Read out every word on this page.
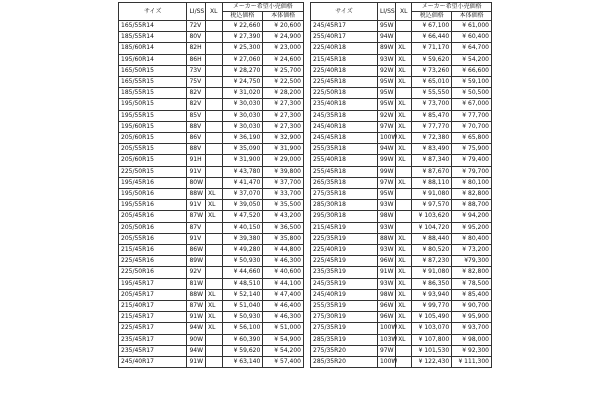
サイズ	LI/SS	XL	メーカー希望小売価格	
			税込価格	本体価格
165/55R14	72V		¥ 22,660	¥ 20,600
185/55R14	80V		¥ 27,390	¥ 24,900
185/60R14	82H		¥ 25,300	¥ 23,000
195/60R14	86H		¥ 27,060	¥ 24,600
165/50R15	73V		¥ 28,270	¥ 25,700
165/55R15	75V		¥ 24,750	¥ 22,500
185/55R15	82V		¥ 31,020	¥ 28,200
195/50R15	82V		¥ 30,030	¥ 27,300
195/55R15	85V		¥ 30,030	¥ 27,300
195/60R15	88V		¥ 30,030	¥ 27,300
205/60R15	86V		¥ 36,190	¥ 32,900
205/55R15	88V		¥ 35,090	¥ 31,900
205/60R15	91H		¥ 31,900	¥ 29,000
225/50R15	91V		¥ 43,780	¥ 39,800
195/45R16	80W		¥ 41,470	¥ 37,700
195/50R16	88W	XL	¥ 37,070	¥ 33,700
195/55R16	91V	XL	¥ 39,050	¥ 35,500
205/45R16	87W	XL	¥ 47,520	¥ 43,200
205/50R16	87V		¥ 40,150	¥ 36,500
205/55R16	91V		¥ 39,380	¥ 35,800
215/45R16	86W		¥ 49,280	¥ 44,800
225/45R16	89W		¥ 50,930	¥ 46,300
225/50R16	92V		¥ 44,660	¥ 40,600
195/45R17	81W		¥ 48,510	¥ 44,100
205/45R17	88W	XL	¥ 52,140	¥ 47,400
215/40R17	87W	XL	¥ 51,040	¥ 46,400
215/45R17	91W	XL	¥ 50,930	¥ 46,300
225/45R17	94W	XL	¥ 56,100	¥ 51,000
235/45R17	90W		¥ 60,390	¥ 54,900
235/45R17	94W		¥ 59,620	¥ 54,200
245/40R17	91W		¥ 63,140	¥ 57,400
サイズ	LI/SS	XL	メーカー希望小売価格	
			税込価格	本体価格
245/45R17	95W		¥ 67,100	¥ 61,000
255/40R17	94W		¥ 66,440	¥ 60,400
225/40R18	89W	XL	¥ 71,170	¥ 64,700
215/45R18	93W	XL	¥ 59,620	¥ 54,200
225/40R18	92W	XL	¥ 73,260	¥ 66,600
225/45R18	95W	XL	¥ 65,010	¥ 59,100
225/50R18	95W		¥ 55,550	¥ 50,500
235/40R18	95W	XL	¥ 73,700	¥ 67,000
245/35R18	92W	XL	¥ 85,470	¥ 77,700
245/40R18	97W	XL	¥ 77,770	¥ 70,700
245/45R18	100W	XL	¥ 72,380	¥ 65,800
255/35R18	94W	XL	¥ 83,490	¥ 75,900
255/40R18	99W	XL	¥ 87,340	¥ 79,400
255/45R18	99W		¥ 87,670	¥ 79,700
265/35R18	97W	XL	¥ 88,110	¥ 80,100
275/35R18	95W		¥ 91,080	¥ 82,800
285/30R18	93W		¥ 97,570	¥ 88,700
295/30R18	98W		¥ 103,620	¥ 94,200
215/45R19	93W		¥ 104,720	¥ 95,200
225/35R19	88W	XL	¥ 88,440	¥ 80,400
225/40R19	93W	XL	¥ 80,520	¥ 73,200
225/45R19	96W	XL	¥ 87,230	¥79,300
235/35R19	91W	XL	¥ 91,080	¥ 82,800
245/35R19	93W	XL	¥ 86,350	¥ 78,500
245/40R19	98W	XL	¥ 93,940	¥ 85,400
255/35R19	96W	XL	¥ 99,770	¥ 90,700
275/30R19	96W	XL	¥ 105,490	¥ 95,900
275/35R19	100W	XL	¥ 103,070	¥ 93,700
285/35R19	103W	XL	¥ 107,800	¥ 98,000
275/35R20	97W		¥ 101,530	¥ 92,300
285/35R20	100W		¥ 122,430	¥ 111,300
